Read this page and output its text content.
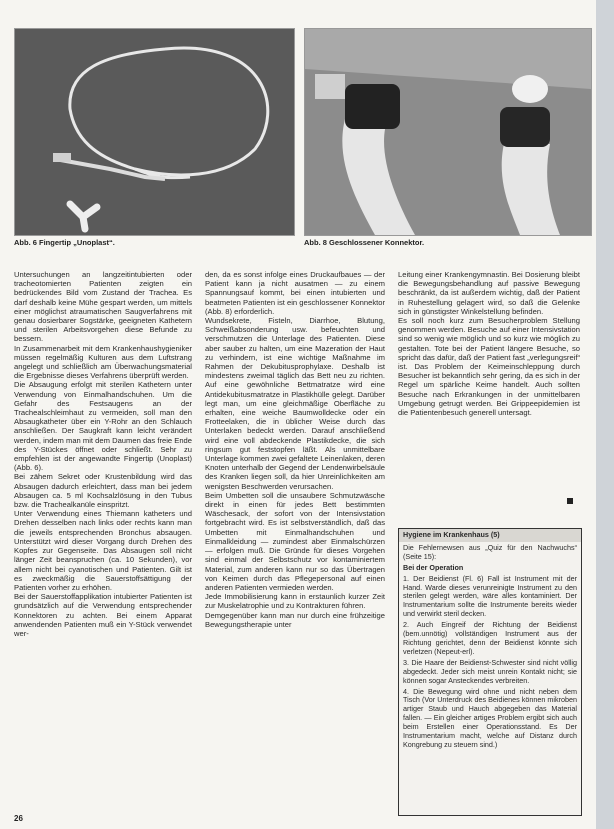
Abb. 6 Fingertip „Unoplast“.	Abb. 8 Geschlossener Konnektor.

Untersuchungen an langzeitintubierten oder tracheotomierten Patienten zeigten ein bedrückendes Bild vom Zustand der Trachea. Es darf deshalb keine Mühe gespart werden, um mittels einer möglichst atraumatischen Saugverfahrens mit genau dosierbarer Sogstärke, geeigneten Kathetern und sterilen Arbeitsvorgehen diese Befunde zu bessern.

In Zusammenarbeit mit dem Krankenhaushygieniker müssen regelmäßig Kulturen aus dem Luftstrang angelegt und schließlich am Überwachungsmaterial die Ergebnisse dieses Verfahrens überprüft werden.

Die Absaugung erfolgt mit sterilen Kathetern unter Verwendung von Einmalhandschuhen. Um die Gefahr des Festsaugens an der Trachealschleimhaut zu vermeiden, soll man den Absaugkatheter über ein Y-Rohr an den Schlauch anschließen. Der Saugkraft kann leicht verändert werden, indem man mit dem Daumen das freie Ende des Y-Stückes öffnet oder schließt. Sehr zu empfehlen ist der angewandte Fingertip (Unoplast) (Abb. 6).

Bei zähem Sekret oder Krustenbildung wird das Absaugen dadurch erleichtert, dass man bei jedem Absaugen ca. 5 ml Kochsalzlösung in den Tubus bzw. die Trachealkanüle einspritzt.

Unter Verwendung eines Thiemann katheters und Drehen desselben nach links oder rechts kann man die jeweils entsprechenden Bronchus absaugen. Unterstützt wird dieser Vorgang durch Drehen des Kopfes zur Gegenseite. Das Absaugen soll nicht länger Zeit beanspruchen (ca. 10 Sekunden), vor allem nicht bei cyanotischen und Patienten. Gilt ist es zweckmäßig die Sauerstoffsättigung der Patienten vorher zu erhöhen.

Bei der Sauerstoffapplikation intubierter Patienten ist grundsätzlich auf die Verwendung entsprechender Konnektoren zu achten. Bei einem Apparat anwendenden Patienten muß ein Y-Stück verwendet wer-

den, da es sonst infolge eines Druckaufbaues — der Patient kann ja nicht ausatmen — zu einem Spannungsauf kommt, bei einen intubierten und beatmeten Patienten ist ein geschlossener Konnektor (Abb. 8) erforderlich.

Wundsekrete, Fisteln, Diarrhoe, Blutung, Schweißabsonderung usw. befeuchten und verschmutzen die Unterlage des Patienten. Diese aber sauber zu halten, um eine Mazeration der Haut zu verhindern, ist eine wichtige Maßnahme im Rahmen der Dekubitusprophylaxe. Deshalb ist mindestens zweimal täglich das Bett neu zu richten. Auf eine gewöhnliche Bettmatratze wird eine Antidekubitusmatratze in Plastikhülle gelegt. Darüber legt man, um eine gleichmäßige Oberfläche zu erhalten, eine weiche Baumwolldecke oder ein Frotteelaken, die in üblicher Weise durch das Unterlaken bedeckt werden. Darauf anschließend wird eine voll abdeckende Plastikdecke, die sich ringsum gut feststopfen läßt. Als unmittelbare Unterlage kommen zwei gefaltete Leinenlaken, deren Knoten unterhalb der Gegend der Lendenwirbelsäule des Kranken liegen soll, da hier Unreinlichkeiten am wenigsten Beschwerden verursachen.

Beim Umbetten soll die unsaubere Schmutzwäsche direkt in einen für jedes Bett bestimmten Wäschesack, der sofort von der Intensivstation fortgebracht wird. Es ist selbstverständlich, daß das Umbetten mit Einmalhandschuhen und Einmalkleidung — zumindest aber Einmalschürzen — erfolgen muß. Die Gründe für dieses Vorgehen sind einmal der Selbstschutz vor kontaminiertem Material, zum anderen kann nur so das Übertragen von Keimen durch das Pflegepersonal auf einen anderen Patienten vermieden werden.

Jede Immobilisierung kann in erstaunlich kurzer Zeit zur Muskelatrophie und zu Kontrakturen führen.

Demgegenüber kann man nur durch eine frühzeitige Bewegungstherapie unter

Leitung einer Krankengymnastin. Bei Dosierung bleibt die Bewegungsbehandlung auf passive Bewegung beschränkt, da ist außerdem wichtig, daß der Patient in Ruhestellung gelagert wird, so daß die Gelenke sich in günstigster Winkelstellung befinden.

Es soll noch kurz zum Besucherproblem Stellung genommen werden. Besuche auf einer Intensivstation sind so wenig wie möglich und so kurz wie möglich zu gestalten. Tote bei der Patient längere Besuche, so spricht das dafür, daß der Patient fast „verlegungsreif“ ist. Das Problem der Keimeinschleppung durch Besucher ist bekanntlich sehr gering, da es sich in der Regel um spärliche Keime handelt. Auch sollten Besuche nach Erkrankungen in der unmittelbaren Umgebung getrugt werden. Bei Grippeepidemien ist die Patientenbesuch generell untersagt.

Hygiene im Krankenhaus (5)

Die Fehlernewsen aus „Quiz für den Nachwuchs“ (Seite 15):

Bei der Operation

1. Der Beidienst (Fl. 6) Fall ist Instrument mit der Hand. Warde dieses verunreinigte Instrument zu den sterilen gelegt werden, wäre alles kontaminiert. Der Instrumentarium sollte die Instrumente bereits wieder und verwirkt steril decken.

2. Auch Eingreif der Richtung der Beidienst (bem.unnötig) vollständigen Instrument aus der Richtung gerichtet, denn der Beidienst könnte sich verletzen (Nepeut-erl).

3. Die Haare der Beidienst-Schwester sind nicht völlig abgedeckt. Jeder sich meist unrein Kontakt nicht; sie können sogar Ansteckendes verbreiten.

4. Die Bewegung wird ohne und nicht neben dem Tisch (Vor Unterdruck des Beidienes können mikroben artiger Staub und Hauch abgegeben das Material fallen. — Ein gleicher artiges Problem ergibt sich auch beim Erstellen einer Operationsstand. Es Der Instrumentarium macht, welche auf Distanz durch Kongrebung zu steuern sind.)

26
